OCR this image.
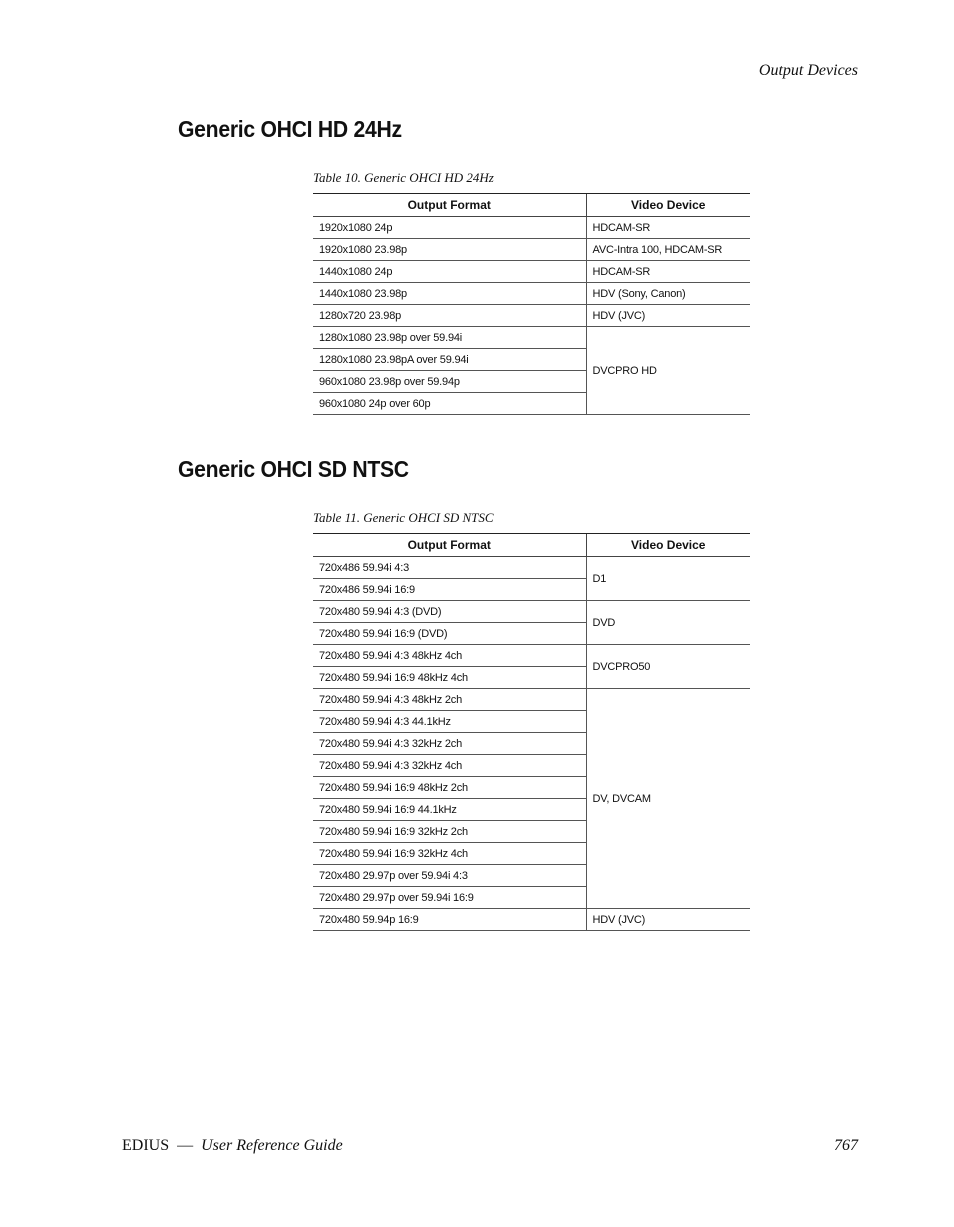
Output Devices
Generic OHCI HD 24Hz
Table 10. Generic OHCI HD 24Hz
Output Format	Video Device
1920x1080 24p	HDCAM-SR
1920x1080 23.98p	AVC-Intra 100, HDCAM-SR
1440x1080 24p	HDCAM-SR
1440x1080 23.98p	HDV (Sony, Canon)
1280x720 23.98p	HDV (JVC)
1280x1080 23.98p over 59.94i	DVCPRO HD
1280x1080 23.98pA over 59.94i	
960x1080 23.98p over 59.94p	
960x1080 24p over 60p	
Generic OHCI SD NTSC
Table 11. Generic OHCI SD NTSC
Output Format	Video Device
720x486 59.94i 4:3	D1
720x486 59.94i 16:9	
720x480 59.94i 4:3 (DVD)	DVD
720x480 59.94i 16:9 (DVD)	
720x480 59.94i 4:3 48kHz 4ch	DVCPRO50
720x480 59.94i 16:9 48kHz 4ch	
720x480 59.94i 4:3 48kHz 2ch	DV, DVCAM
720x480 59.94i 4:3 44.1kHz	
720x480 59.94i 4:3 32kHz 2ch	
720x480 59.94i 4:3 32kHz 4ch	
720x480 59.94i 16:9 48kHz 2ch	
720x480 59.94i 16:9 44.1kHz	
720x480 59.94i 16:9 32kHz 2ch	
720x480 59.94i 16:9 32kHz 4ch	
720x480 29.97p over 59.94i 4:3	
720x480 29.97p over 59.94i 16:9	
720x480 59.94p 16:9	HDV (JVC)
EDIUS — User Reference Guide	767
